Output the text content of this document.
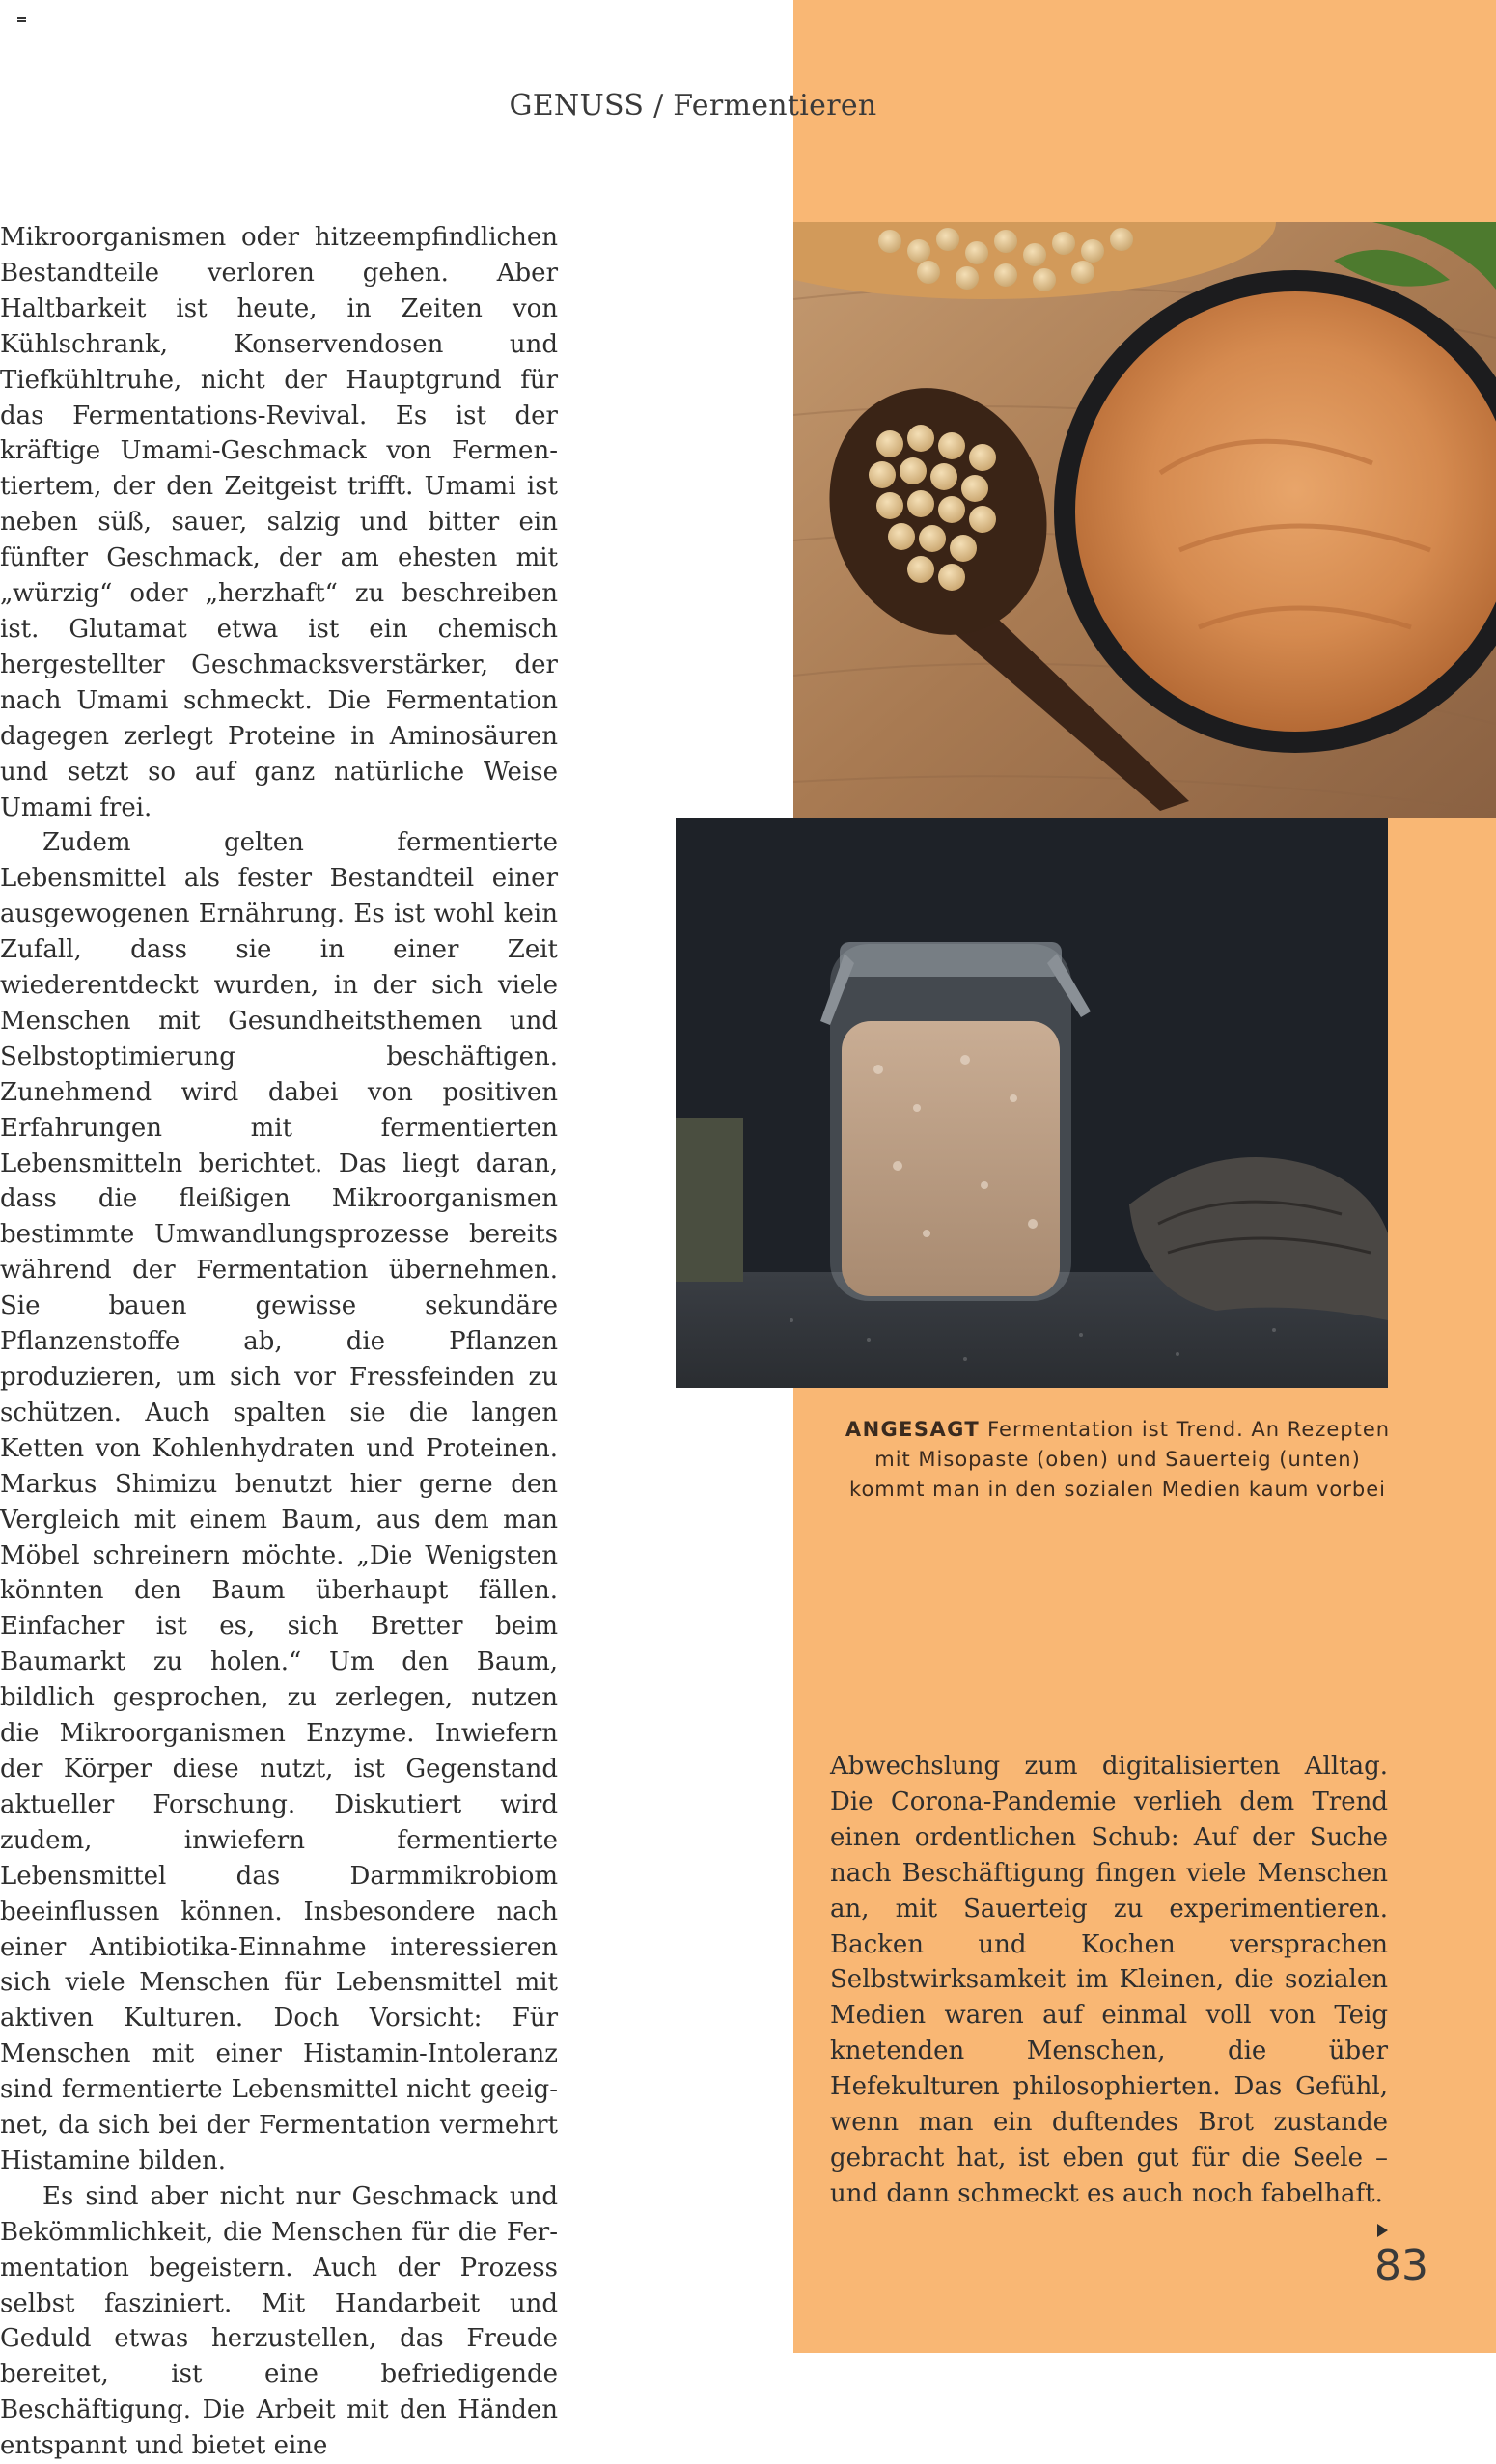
GENUSS / Fermentieren

Mikroorganismen oder hitzeempfindlichen Bestandteile verloren gehen. Aber Haltbarkeit ist heute, in Zeiten von Kühlschrank, Konservendosen und Tiefkühltruhe, nicht der Hauptgrund für das Fermentations-Revival. Es ist der kräftige Umami-Geschmack von Fermentiertem, der den Zeitgeist trifft. Umami ist neben süß, sauer, salzig und bitter ein fünfter Geschmack, der am ehesten mit „würzig“ oder „herzhaft“ zu beschreiben ist. Glutamat etwa ist ein chemisch hergestellter Geschmacksverstärker, der nach Umami schmeckt. Die Fermentation dagegen zerlegt Proteine in Aminosäuren und setzt so auf ganz natürliche Weise Umami frei.

Zudem gelten fermentierte Lebensmittel als fester Bestandteil einer ausgewogenen Ernährung. Es ist wohl kein Zufall, dass sie in einer Zeit wiederentdeckt wurden, in der sich viele Menschen mit Gesundheitsthemen und Selbstoptimierung beschäftigen. Zunehmend wird dabei von positiven Erfahrungen mit fermentierten Lebensmitteln berichtet. Das liegt daran, dass die fleißigen Mikroorganismen bestimmte Umwandlungsprozesse bereits während der Fermentation übernehmen. Sie bauen gewisse sekundäre Pflanzenstoffe ab, die Pflanzen produzieren, um sich vor Fressfeinden zu schützen. Auch spalten sie die langen Ketten von Kohlenhydraten und Proteinen. Markus Shimizu benutzt hier gerne den Vergleich mit einem Baum, aus dem man Möbel schreinern möchte. „Die Wenigsten könnten den Baum überhaupt fällen. Einfacher ist es, sich Bretter beim Baumarkt zu holen.“ Um den Baum, bildlich gesprochen, zu zerlegen, nutzen die Mikroorganismen Enzyme. Inwiefern der Körper diese nutzt, ist Gegenstand aktueller Forschung. Diskutiert wird zudem, inwiefern fermentierte Lebensmittel das Darmmikrobiom beeinflussen können. Insbesondere nach einer Antibiotika-Einnahme interessieren sich viele Menschen für Lebensmittel mit aktiven Kulturen. Doch Vorsicht: Für Menschen mit einer Histamin-Intoleranz sind fermentierte Lebensmittel nicht geeignet, da sich bei der Fermentation vermehrt Histamine bilden.

Es sind aber nicht nur Geschmack und Bekömmlichkeit, die Menschen für die Fermentation begeistern. Auch der Prozess selbst fasziniert. Mit Handarbeit und Geduld etwas herzustellen, das Freude bereitet, ist eine befriedigende Beschäftigung. Die Arbeit mit den Händen entspannt und bietet eine

ANGESAGT Fermentation ist Trend. An Rezepten
mit Misopaste (oben) und Sauerteig (unten)
kommt man in den sozialen Medien kaum vorbei

Abwechslung zum digitalisierten Alltag. Die Corona-Pandemie verlieh dem Trend einen ordentlichen Schub: Auf der Suche nach Beschäftigung fingen viele Menschen an, mit Sauerteig zu experimentieren. Backen und Kochen versprachen Selbstwirksamkeit im Kleinen, die sozialen Medien waren auf einmal voll von Teig knetenden Menschen, die über Hefekulturen philosophierten. Das Gefühl, wenn man ein duftendes Brot zustande gebracht hat, ist eben gut für die Seele – und dann schmeckt es auch noch fabelhaft.

83
